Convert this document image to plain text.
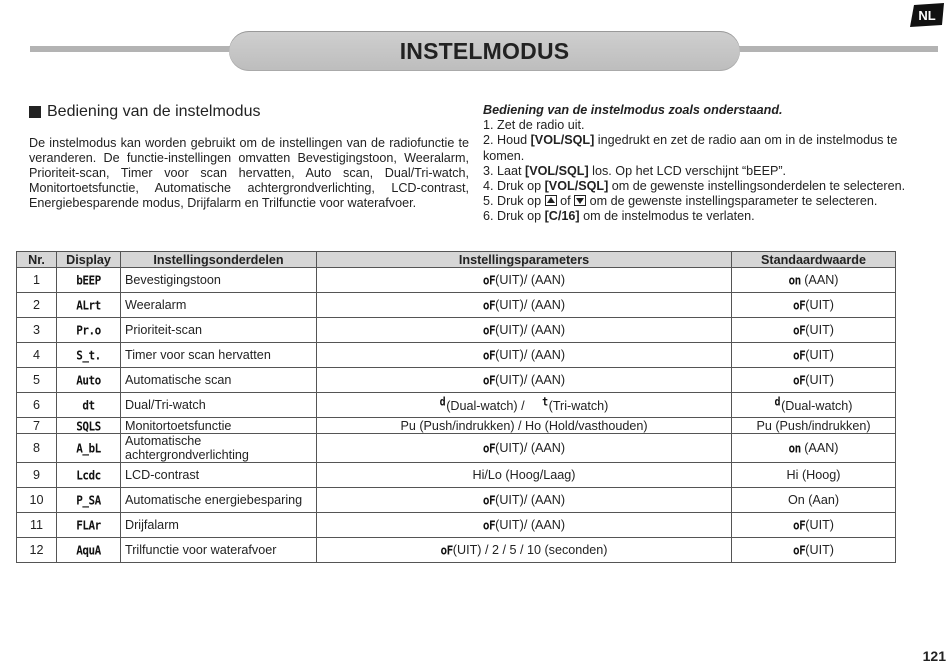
INSTELMODUS
NL
Bediening van de instelmodus
De instelmodus kan worden gebruikt om de instellingen van de radiofunctie te veranderen. De functie-instellingen omvatten Bevestigingstoon, Weeralarm, Prioriteit-scan, Timer voor scan hervatten, Auto scan, Dual/Tri-watch, Monitortoetsfunctie, Automatische achtergrondverlichting, LCD-contrast, Energiebesparende modus, Drijfalarm en Trilfunctie voor waterafvoer.
Bediening van de instelmodus zoals onderstaand.
1. Zet de radio uit.
2. Houd [VOL/SQL] ingedrukt en zet de radio aan om in de instelmodus te komen.
3. Laat [VOL/SQL] los. Op het LCD verschijnt “bEEP”.
4. Druk op [VOL/SQL] om de gewenste instellingsonderdelen te selecteren.
5. Druk op  of  om de gewenste instellingsparameter te selecteren.
6. Druk op [C/16] om de instelmodus te verlaten.
Nr.	Display	Instellingsonderdelen	Instellingsparameters	Standaardwaarde
1	bEEP	Bevestigingstoon	oF(UIT)/ (AAN)	on (AAN)
2	ALrt	Weeralarm	oF(UIT)/ (AAN)	oF(UIT)
3	Pr.o	Prioriteit-scan	oF(UIT)/ (AAN)	oF(UIT)
4	S_t.	Timer voor scan hervatten	oF(UIT)/ (AAN)	oF(UIT)
5	Auto	Automatische scan	oF(UIT)/ (AAN)	oF(UIT)
6	dt	Dual/Tri-watch	d(Dual-watch) / t(Tri-watch)	d(Dual-watch)
7	SQLS	Monitortoetsfunctie	Pu (Push/indrukken) / Ho (Hold/vasthouden)	Pu (Push/indrukken)
8	A_bL	Automatische achtergrondverlichting	oF(UIT)/ (AAN)	on (AAN)
9	Lcdc	LCD-contrast	Hi/Lo (Hoog/Laag)	Hi (Hoog)
10	P_SA	Automatische energiebesparing	oF(UIT)/ (AAN)	On (Aan)
11	FLAr	Drijfalarm	oF(UIT)/ (AAN)	oF(UIT)
12	AquA	Trilfunctie voor waterafvoer	oF(UIT) / 2 / 5 / 10 (seconden)	oF(UIT)
121
